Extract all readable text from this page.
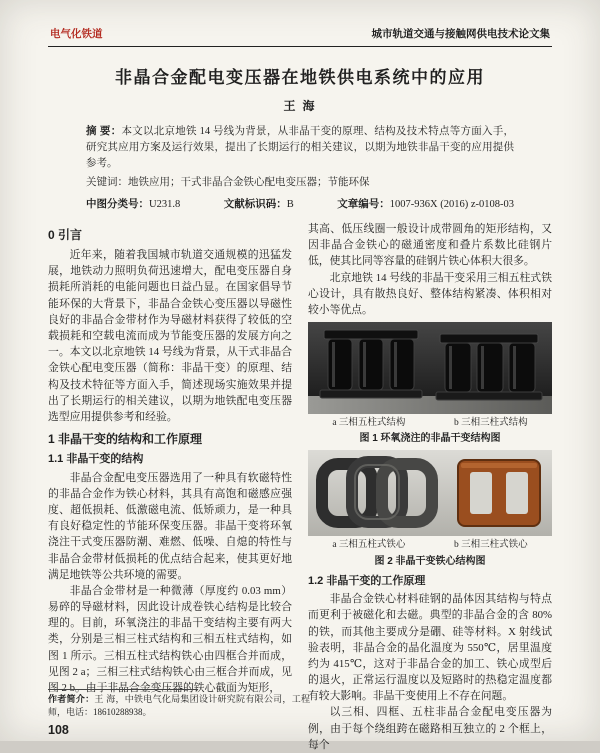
电气化铁道	城市轨道交通与接触网供电技术论文集
非晶合金配电变压器在地铁供电系统中的应用
王 海
摘 要：本文以北京地铁 14 号线为背景，从非晶干变的原理、结构及技术特点等方面入手，研究其应用方案及运行效果，提出了长期运行的相关建议，以期为地铁非晶干变的应用提供参考。
关键词：地铁应用；干式非晶合金铁心配电变压器；节能环保
中图分类号：U231.8	文献标识码：B	文章编号：1007-936X (2016) z-0108-03
0 引言

近年来，随着我国城市轨道交通规模的迅猛发展，地铁动力照明负荷迅速增大，配电变压器自身损耗所消耗的电能问题也日益凸显。在国家倡导节能环保的大背景下，非晶合金铁心变压器以导磁性良好的非晶合金带材作为导磁材料获得了较低的空载损耗和空载电流而成为节能变压器的发展方向之一。本文以北京地铁 14 号线为背景，从干式非晶合金铁心配电变压器（简称：非晶干变）的原理、结构及技术特征等方面入手，简述现场实施效果并提出了长期运行的相关建议，以期为地铁配电变压器选型应用提供参考和经验。

1 非晶干变的结构和工作原理
1.1 非晶干变的结构

非晶合金配电变压器选用了一种具有软磁特性的非晶合金作为铁心材料，其具有高饱和磁感应强度、超低损耗、低激磁电流、低矫顽力，是一种具有良好稳定性的节能环保变压器。非晶干变将环氧浇注干式变压器防潮、难燃、低噪、自熄的特性与非晶合金带材低损耗的优点结合起来，使其更好地满足地铁等公共环境的需要。

非晶合金带材是一种微薄（厚度约 0.03 mm）易碎的导磁材料，因此设计成卷铁心结构是比较合理的。目前，环氧浇注的非晶干变结构主要有两大类，分别是三相三柱式结构和三相五柱式结构，如图 1 所示。三相五柱式结构铁心由四框合并而成，见图 2 a；三相三柱式结构铁心由三框合并而成，见图 2 b。由于非晶合金变压器的铁心截面为矩形，

其高、低压线圈一般设计成带圆角的矩形结构，又因非晶合金铁心的磁通密度和叠片系数比硅钢片低，使其比同等容量的硅钢片铁心体积大很多。

北京地铁 14 号线的非晶干变采用三相五柱式铁心设计，具有散热良好、整体结构紧凑、体积相对较小等优点。

a 三相五柱式结构	b 三相三柱式结构
图 1 环氧浇注的非晶干变结构图
a 三相五柱式铁心	b 三相三柱式铁心
图 2 非晶干变铁心结构图
1.2 非晶干变的工作原理

非晶合金铁心材料硅钢的晶体因其结构与特点而更利于被磁化和去磁。典型的非晶合金的含 80%的铁，而其他主要成分是硼、硅等材料。X 射线试验表明，非晶合金的晶化温度为 550℃，居里温度约为 415℃，这对于非晶合金的加工、铁心成型后的退火，正常运行温度以及短路时的热稳定温度都有较大影响。非晶干变使用上不存在问题。

以三相、四框、五柱非晶合金配电变压器为例，由于每个绕组跨在磁路相互独立的 2 个框上，每个

作者简介：王 海，中铁电气化局集团设计研究院有限公司，工程师，电话：18610288938。
108
